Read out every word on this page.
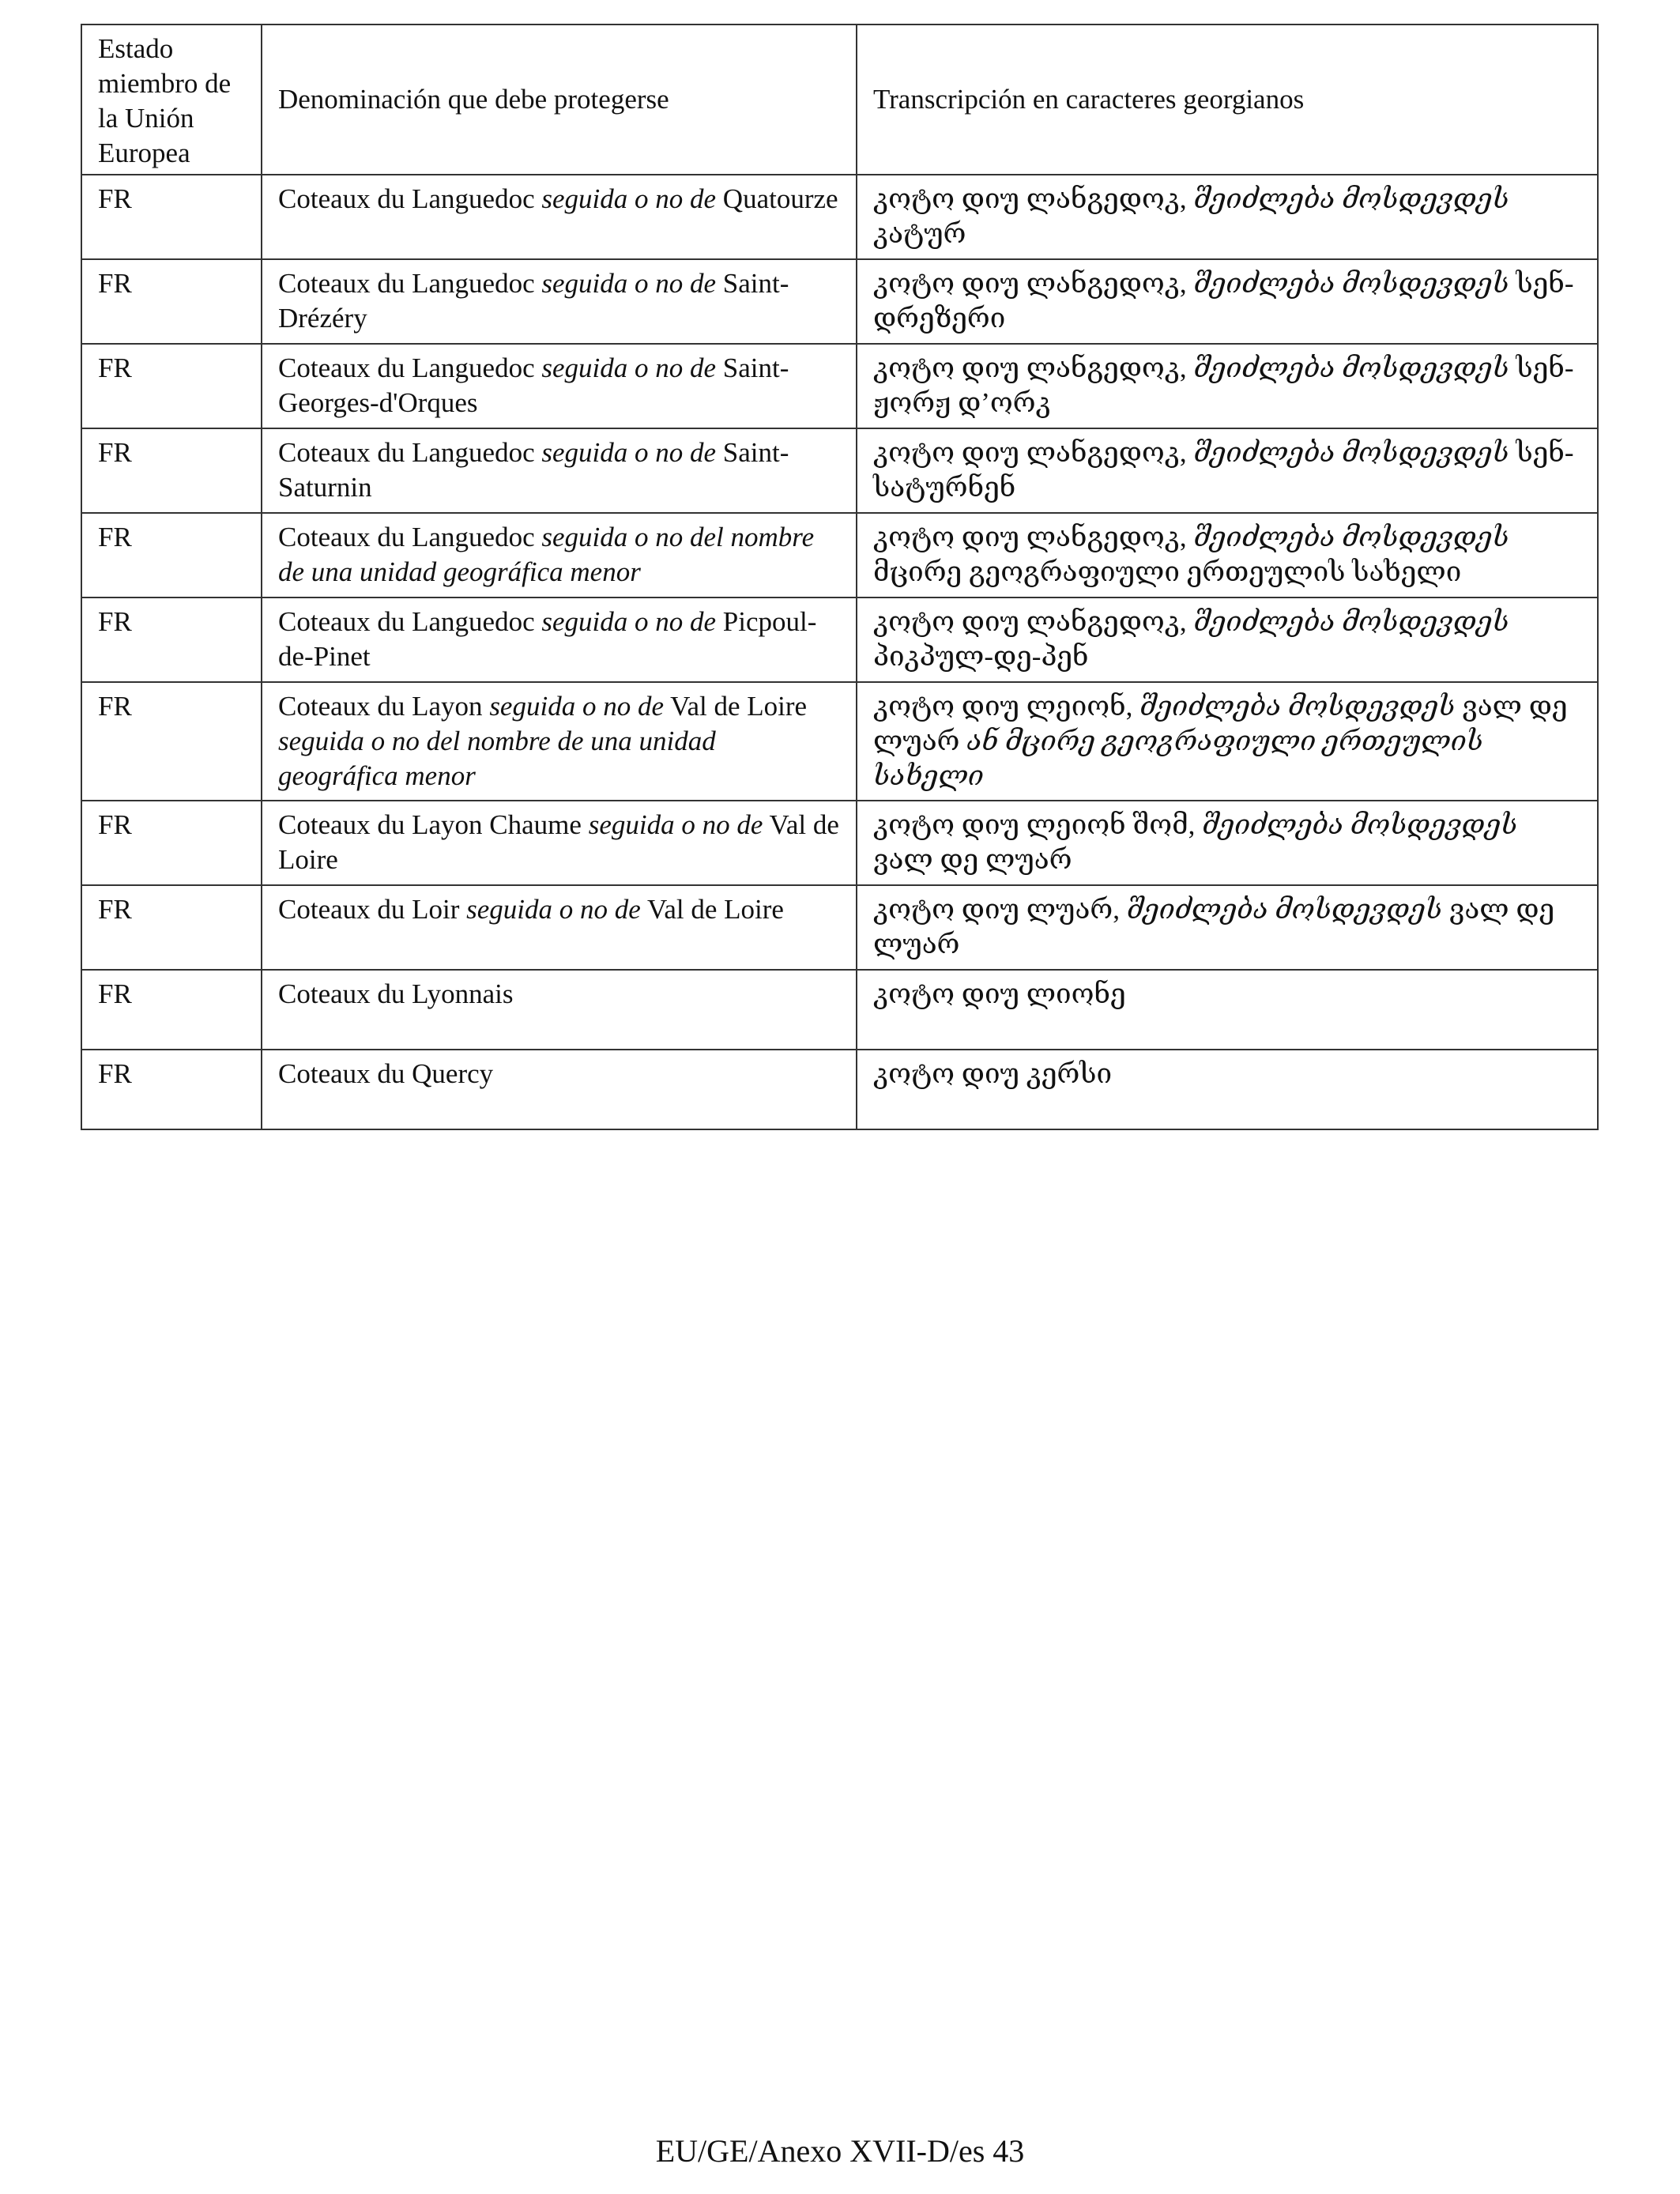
Estado miembro de la Unión Europea	Denominación que debe protegerse	Transcripción en caracteres georgianos
FR	Coteaux du Languedoc seguida o no de Quatourze	კოტო დიუ ლანგედოკ, შეიძლება მოსდევდეს კატურ
FR	Coteaux du Languedoc seguida o no de Saint-Drézéry	კოტო დიუ ლანგედოკ, შეიძლება მოსდევდეს სენ-დრეზერი
FR	Coteaux du Languedoc seguida o no de Saint-Georges-d'Orques	კოტო დიუ ლანგედოკ, შეიძლება მოსდევდეს სენ-ჟორჟ დ’ორკ
FR	Coteaux du Languedoc seguida o no de Saint-Saturnin	კოტო დიუ ლანგედოკ, შეიძლება მოსდევდეს სენ-სატურნენ
FR	Coteaux du Languedoc seguida o no del nombre de una unidad geográfica menor	კოტო დიუ ლანგედოკ, შეიძლება მოსდევდეს მცირე გეოგრაფიული ერთეულის სახელი
FR	Coteaux du Languedoc seguida o no de Picpoul-de-Pinet	კოტო დიუ ლანგედოკ, შეიძლება მოსდევდეს პიკპულ-დე-პენ
FR	Coteaux du Layon seguida o no de Val de Loire seguida o no del nombre de una unidad geográfica menor	კოტო დიუ ლეიონ, შეიძლება მოსდევდეს ვალ დე ლუარ ან მცირე გეოგრაფიული ერთეულის სახელი
FR	Coteaux du Layon Chaume seguida o no de Val de Loire	კოტო დიუ ლეიონ შომ, შეიძლება მოსდევდეს ვალ დე ლუარ
FR	Coteaux du Loir seguida o no de Val de Loire	კოტო დიუ ლუარ, შეიძლება მოსდევდეს ვალ დე ლუარ
FR	Coteaux du Lyonnais	კოტო დიუ ლიონე
FR	Coteaux du Quercy	კოტო დიუ კერსი
EU/GE/Anexo XVII-D/es 43
